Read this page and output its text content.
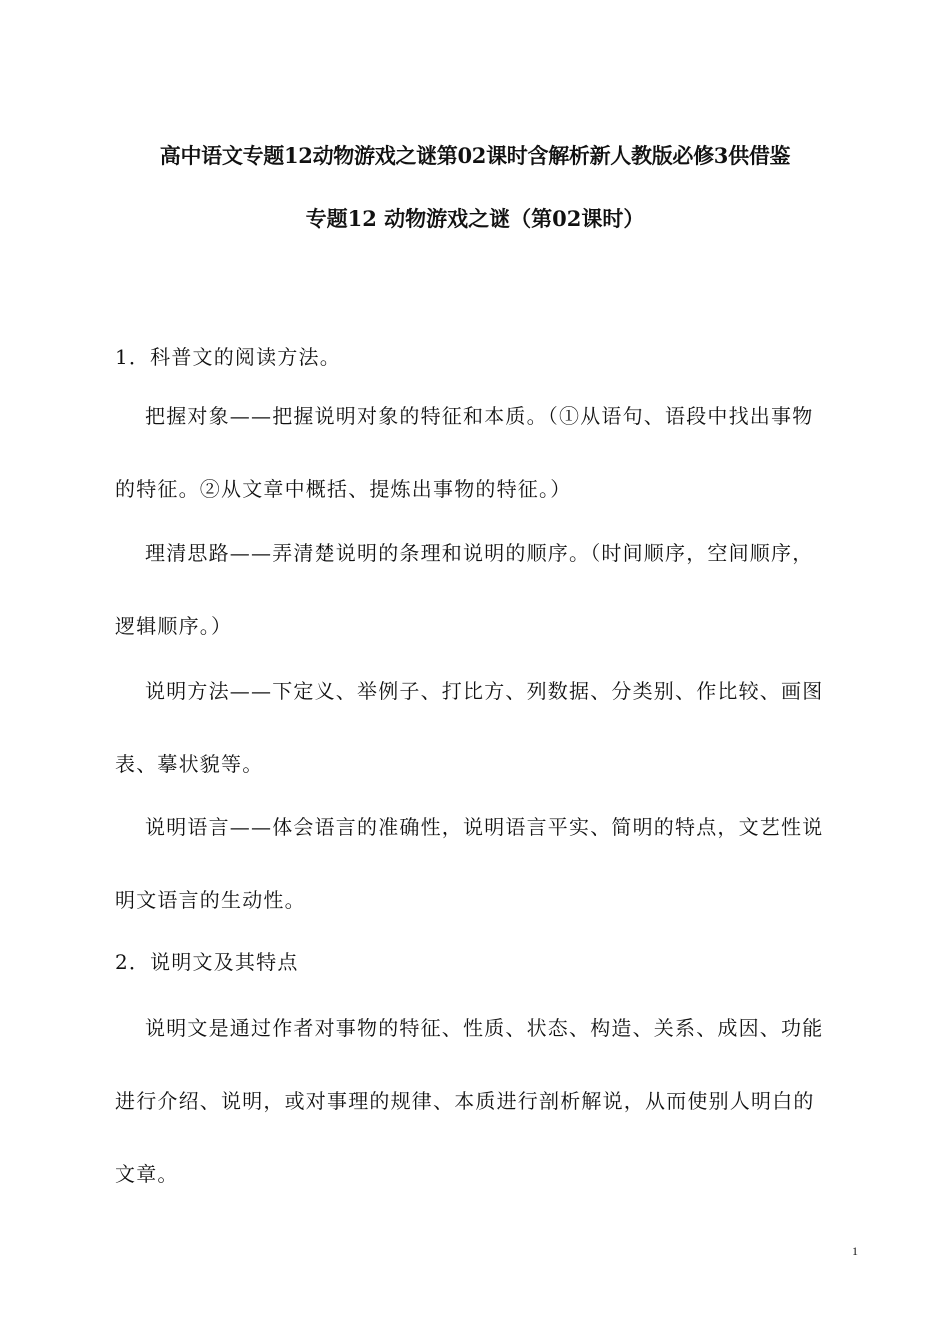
高中语文专题12动物游戏之谜第02课时含解析新人教版必修3供借鉴
专题12 动物游戏之谜（第02课时）
1．科普文的阅读方法。
把握对象——把握说明对象的特征和本质。（①从语句、语段中找出事物
的特征。②从文章中概括、提炼出事物的特征。）
理清思路——弄清楚说明的条理和说明的顺序。（时间顺序，空间顺序，
逻辑顺序。）
说明方法——下定义、举例子、打比方、列数据、分类别、作比较、画图
表、摹状貌等。
说明语言——体会语言的准确性，说明语言平实、简明的特点，文艺性说
明文语言的生动性。
2．说明文及其特点
说明文是通过作者对事物的特征、性质、状态、构造、关系、成因、功能
进行介绍、说明，或对事理的规律、本质进行剖析解说，从而使别人明白的
文章。
1
